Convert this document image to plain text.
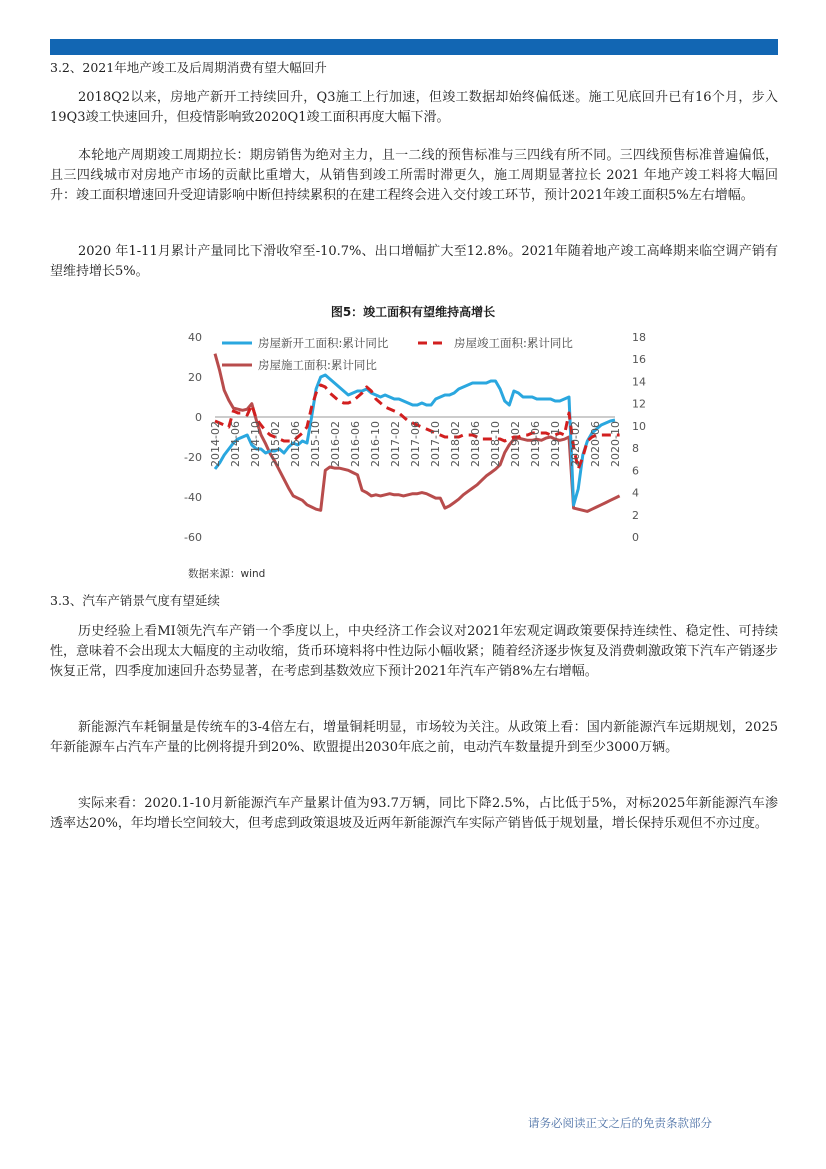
3.2、2021年地产竣工及后周期消费有望大幅回升

2018Q2以来，房地产新开工持续回升，Q3施工上行加速，但竣工数据却始终偏低迷。施工见底回升已有16个月，步入19Q3竣工快速回升，但疫情影响致2020Q1竣工面积再度大幅下滑。

本轮地产周期竣工周期拉长：期房销售为绝对主力，且一二线的预售标准与三四线有所不同。三四线预售标准普遍偏低，且三四线城市对房地产市场的贡献比重增大，从销售到竣工所需时滞更久，施工周期显著拉长 2021 年地产竣工料将大幅回升：竣工面积增速回升受迎请影响中断但持续累积的在建工程终会进入交付竣工环节，预计2021年竣工面积5%左右增幅。

2020 年1-11月累计产量同比下滑收窄至-10.7%、出口增幅扩大至12.8%。2021年随着地产竣工高峰期来临空调产销有望维持增长5%。

图5：竣工面积有望维持高增长
40
20
0
-20
-40
-60
18
16
14
12
10
8
6
4
2
0
2014-02 2014-06 2014-10 2015-02 2015-06 2015-10 2016-02 2016-06 2016-10 2017-02 2017-06 2017-10 2018-02 2018-06 2018-10 2019-02 2019-06 2019-10 2020-02 2020-06 2020-10
房屋新开工面积:累计同比	房屋竣工面积:累计同比
房屋施工面积:累计同比
数据来源：wind
3.3、汽车产销景气度有望延续

历史经验上看MI领先汽车产销一个季度以上，中央经济工作会议对2021年宏观定调政策要保持连续性、稳定性、可持续性，意味着不会出现太大幅度的主动收缩，货币环境料将中性边际小幅收紧；随着经济逐步恢复及消费刺激政策下汽车产销逐步恢复正常，四季度加速回升态势显著，在考虑到基数效应下预计2021年汽车产销8%左右增幅。

新能源汽车耗铜量是传统车的3-4倍左右，增量铜耗明显，市场较为关注。从政策上看：国内新能源汽车远期规划，2025年新能源车占汽车产量的比例将提升到20%、欧盟提出2030年底之前，电动汽车数量提升到至少3000万辆。

实际来看：2020.1-10月新能源汽车产量累计值为93.7万辆，同比下降2.5%，占比低于5%，对标2025年新能源汽车渗透率达20%，年均增长空间较大，但考虑到政策退坡及近两年新能源汽车实际产销皆低于规划量，增长保持乐观但不亦过度。

请务必阅读正文之后的免责条款部分
